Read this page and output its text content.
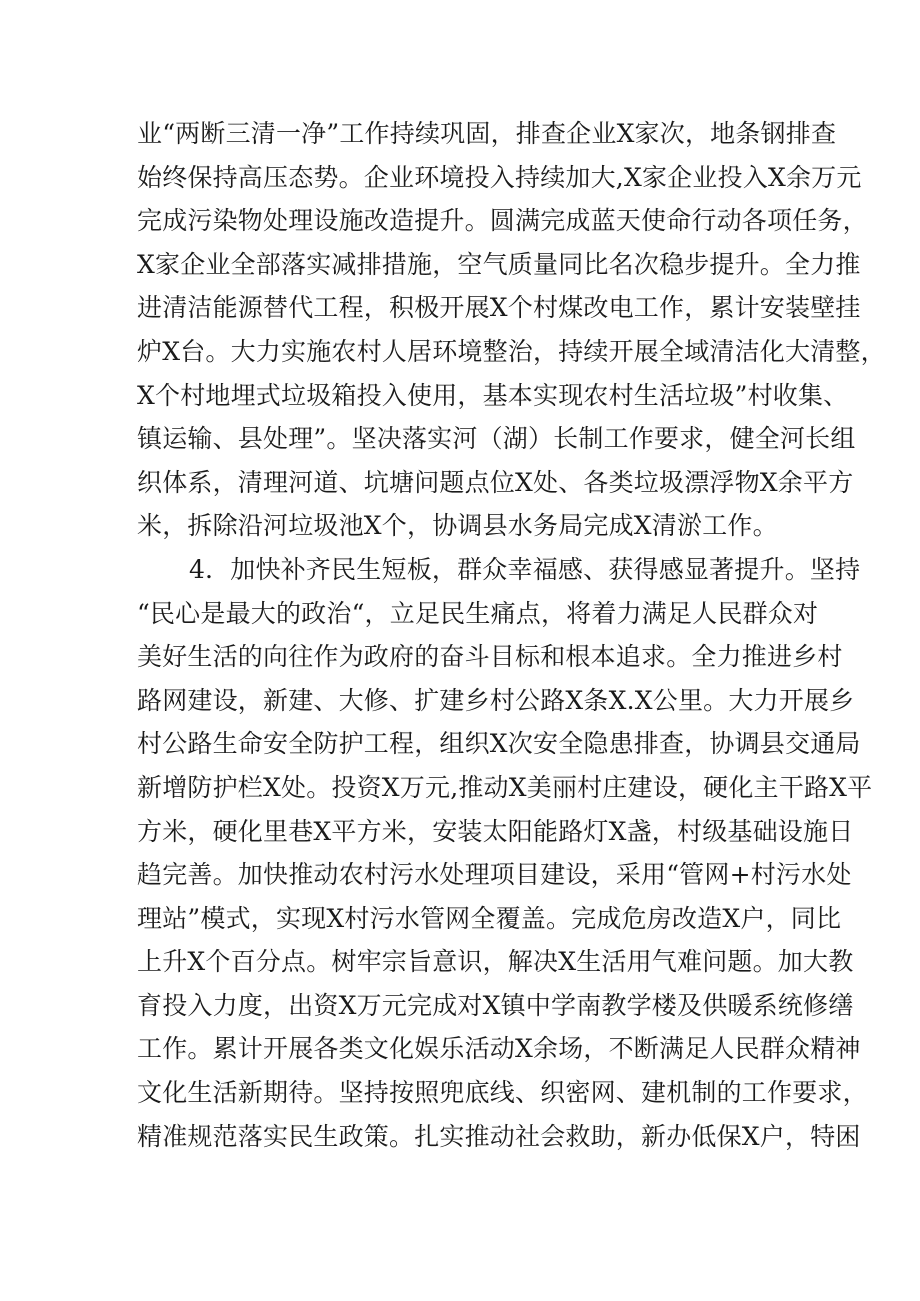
业“两断三清一净”工作持续巩固，排查企业X家次，地条钢排查
始终保持高压态势。企业环境投入持续加大,X家企业投入X余万元
完成污染物处理设施改造提升。圆满完成蓝天使命行动各项任务，
X家企业全部落实减排措施，空气质量同比名次稳步提升。全力推
进清洁能源替代工程，积极开展X个村煤改电工作，累计安装壁挂
炉X台。大力实施农村人居环境整治，持续开展全域清洁化大清整，
X个村地埋式垃圾箱投入使用，基本实现农村生活垃圾”村收集、
镇运输、县处理”。坚决落实河（湖）长制工作要求，健全河长组
织体系，清理河道、坑塘问题点位X处、各类垃圾漂浮物X余平方
米，拆除沿河垃圾池X个，协调县水务局完成X清淤工作。
4．加快补齐民生短板，群众幸福感、获得感显著提升。坚持
“民心是最大的政治“，立足民生痛点，将着力满足人民群众对
美好生活的向往作为政府的奋斗目标和根本追求。全力推进乡村
路网建设，新建、大修、扩建乡村公路X条X.X公里。大力开展乡
村公路生命安全防护工程，组织X次安全隐患排查，协调县交通局
新增防护栏X处。投资X万元,推动X美丽村庄建设，硬化主干路X平
方米，硬化里巷X平方米，安装太阳能路灯X盏，村级基础设施日
趋完善。加快推动农村污水处理项目建设，采用“管网+村污水处
理站”模式，实现X村污水管网全覆盖。完成危房改造X户，同比
上升X个百分点。树牢宗旨意识，解决X生活用气难问题。加大教
育投入力度，出资X万元完成对X镇中学南教学楼及供暖系统修缮
工作。累计开展各类文化娱乐活动X余场，不断满足人民群众精神
文化生活新期待。坚持按照兜底线、织密网、建机制的工作要求，
精准规范落实民生政策。扎实推动社会救助，新办低保X户，特困
